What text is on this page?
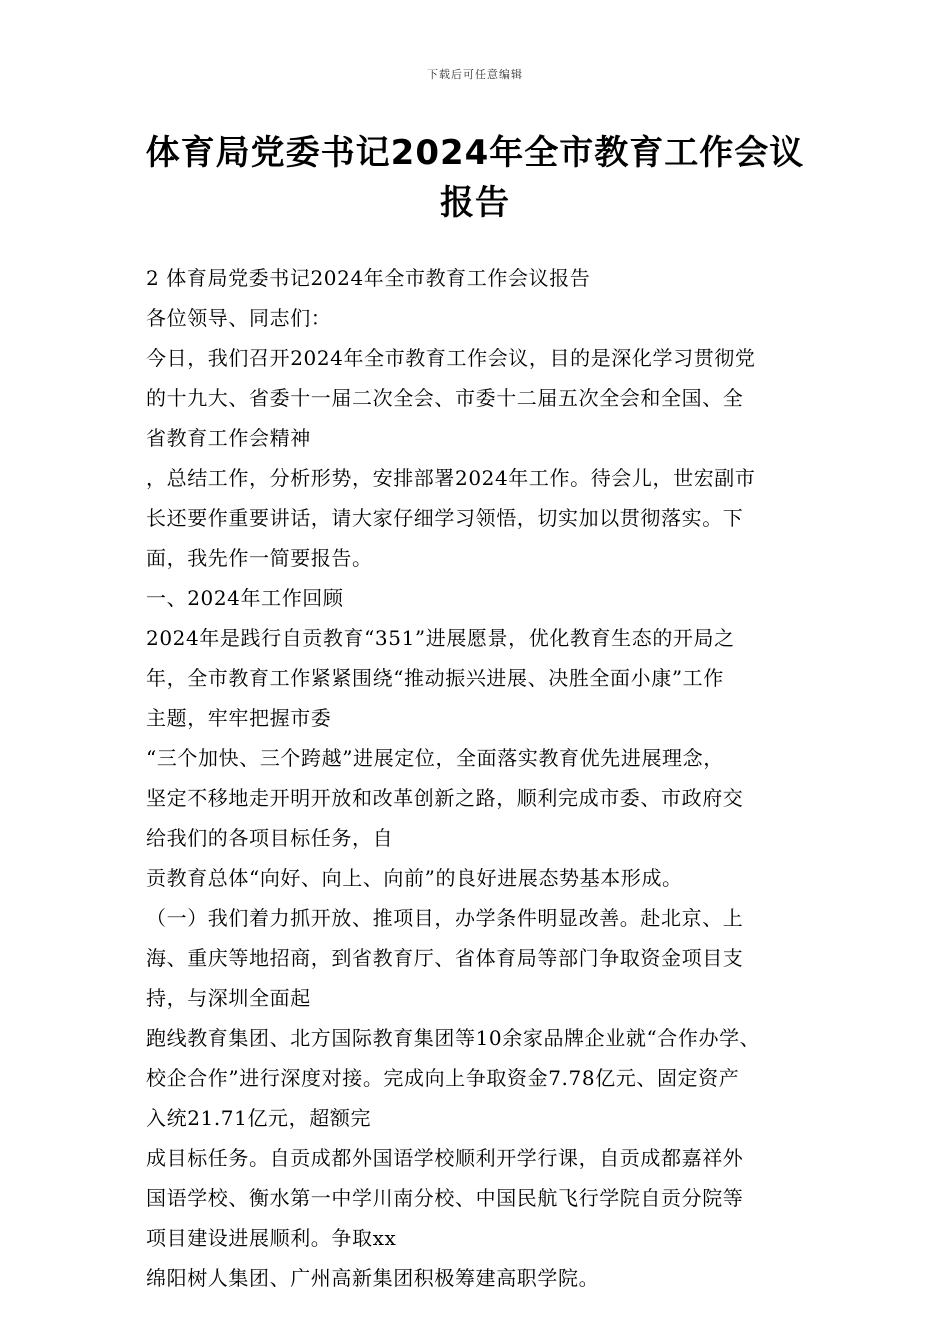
下载后可任意编辑
体育局党委书记2024年全市教育工作会议
报告
2 体育局党委书记2024年全市教育工作会议报告
各位领导、同志们：
今日，我们召开2024年全市教育工作会议，目的是深化学习贯彻党
的十九大、省委十一届二次全会、市委十二届五次全会和全国、全
省教育工作会精神
，总结工作，分析形势，安排部署2024年工作。待会儿，世宏副市
长还要作重要讲话，请大家仔细学习领悟，切实加以贯彻落实。下
面，我先作一简要报告。
一、2024年工作回顾
2024年是践行自贡教育“351”进展愿景，优化教育生态的开局之
年，全市教育工作紧紧围绕“推动振兴进展、决胜全面小康”工作
主题，牢牢把握市委
“三个加快、三个跨越”进展定位，全面落实教育优先进展理念，
坚定不移地走开明开放和改革创新之路，顺利完成市委、市政府交
给我们的各项目标任务，自
贡教育总体“向好、向上、向前”的良好进展态势基本形成。
（一）我们着力抓开放、推项目，办学条件明显改善。赴北京、上
海、重庆等地招商，到省教育厅、省体育局等部门争取资金项目支
持，与深圳全面起
跑线教育集团、北方国际教育集团等10余家品牌企业就“合作办学、
校企合作”进行深度对接。完成向上争取资金7.78亿元、固定资产
入统21.71亿元，超额完
成目标任务。自贡成都外国语学校顺利开学行课，自贡成都嘉祥外
国语学校、衡水第一中学川南分校、中国民航飞行学院自贡分院等
项目建设进展顺利。争取xx
绵阳树人集团、广州高新集团积极筹建高职学院。
